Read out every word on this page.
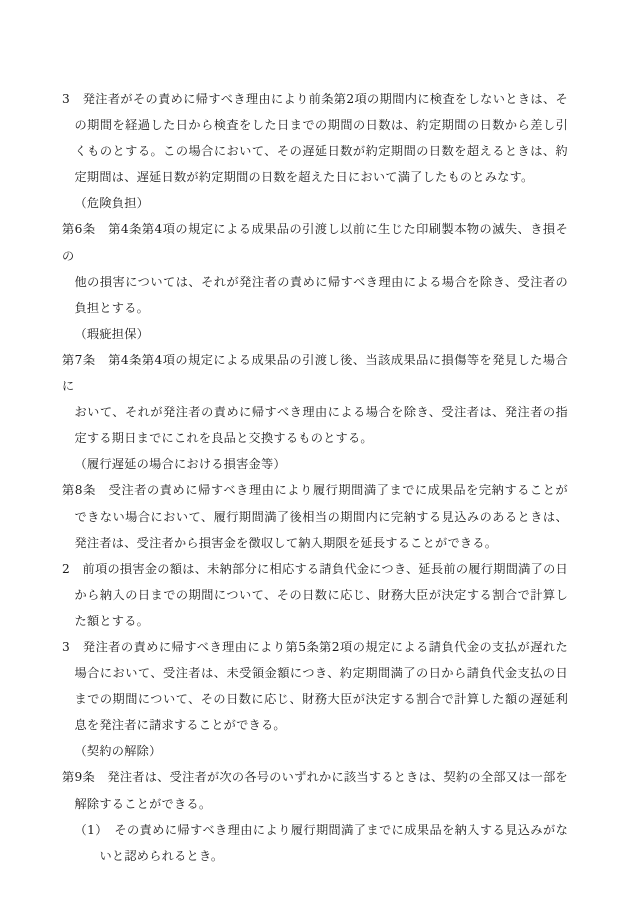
3　発注者がその責めに帰すべき理由により前条第2項の期間内に検査をしないときは、そ
の期間を経過した日から検査をした日までの期間の日数は、約定期間の日数から差し引
くものとする。この場合において、その遅延日数が約定期間の日数を超えるときは、約
定期間は、遅延日数が約定期間の日数を超えた日において満了したものとみなす。
（危険負担）
第6条　第4条第4項の規定による成果品の引渡し以前に生じた印刷製本物の滅失、き損その
他の損害については、それが発注者の責めに帰すべき理由による場合を除き、受注者の
負担とする。
（瑕疵担保）
第7条　第4条第4項の規定による成果品の引渡し後、当該成果品に損傷等を発見した場合に
おいて、それが発注者の責めに帰すべき理由による場合を除き、受注者は、発注者の指
定する期日までにこれを良品と交換するものとする。
（履行遅延の場合における損害金等）
第8条　受注者の責めに帰すべき理由により履行期間満了までに成果品を完納することが
できない場合において、履行期間満了後相当の期間内に完納する見込みのあるときは、
発注者は、受注者から損害金を徴収して納入期限を延長することができる。
2　前項の損害金の額は、未納部分に相応する請負代金につき、延長前の履行期間満了の日
から納入の日までの期間について、その日数に応じ、財務大臣が決定する割合で計算し
た額とする。
3　発注者の責めに帰すべき理由により第5条第2項の規定による請負代金の支払が遅れた
場合において、受注者は、未受領金額につき、約定期間満了の日から請負代金支払の日
までの期間について、その日数に応じ、財務大臣が決定する割合で計算した額の遅延利
息を発注者に請求することができる。
（契約の解除）
第9条　発注者は、受注者が次の各号のいずれかに該当するときは、契約の全部又は一部を
解除することができる。
（1）　その責めに帰すべき理由により履行期間満了までに成果品を納入する見込みがな
いと認められるとき。
